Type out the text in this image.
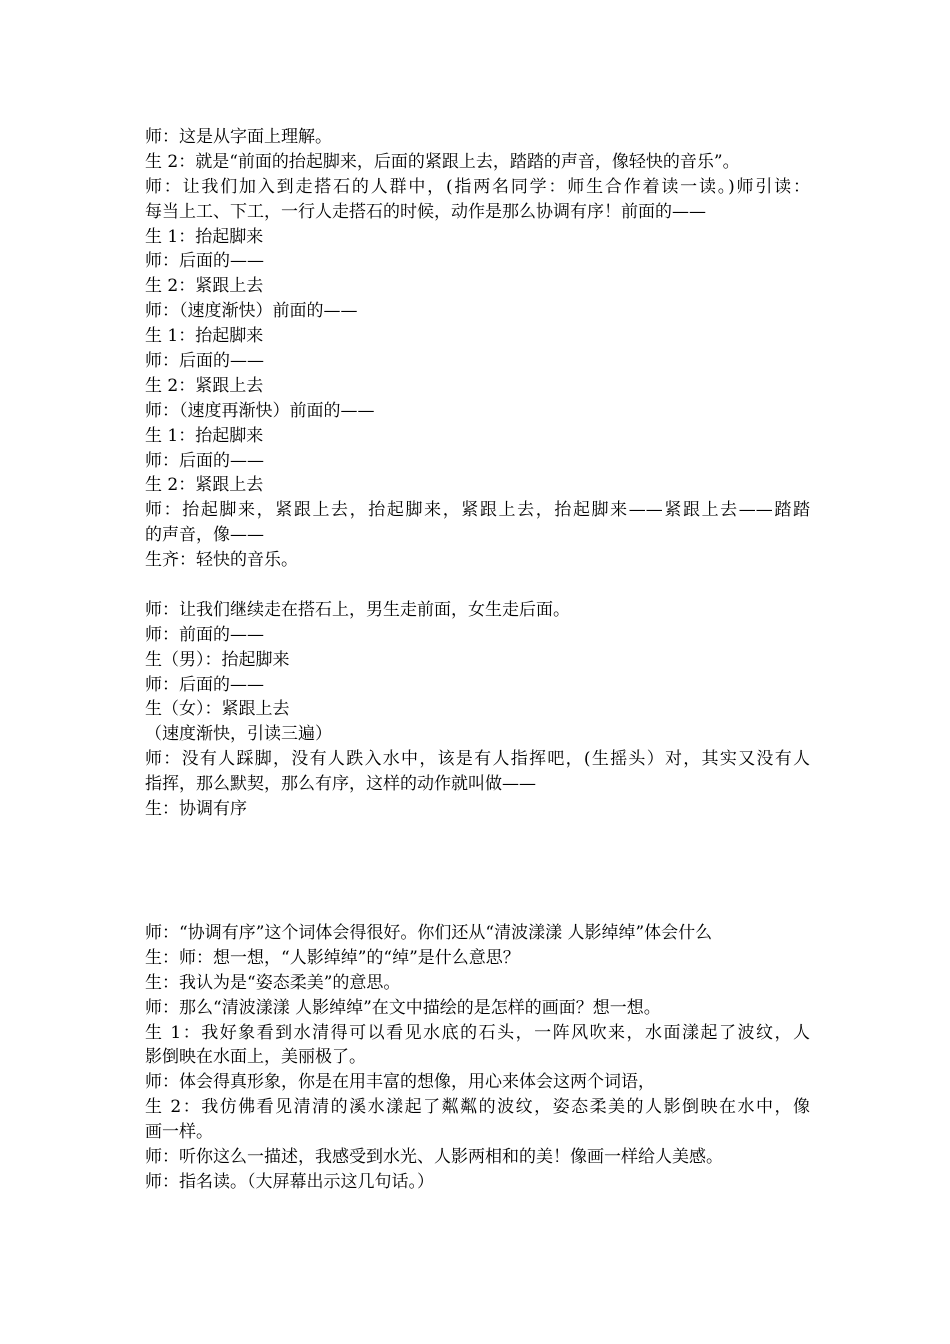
师：这是从字面上理解。
生 2：就是“前面的抬起脚来，后面的紧跟上去，踏踏的声音，像轻快的音乐”。
师：让我们加入到走搭石的人群中，(指两名同学：师生合作着读一读。)师引读：
每当上工、下工，一行人走搭石的时候，动作是那么协调有序！前面的——
生 1：抬起脚来
师：后面的——
生 2：紧跟上去
师：（速度渐快）前面的——
生 1：抬起脚来
师：后面的——
生 2：紧跟上去
师：（速度再渐快）前面的——
生 1：抬起脚来
师：后面的——
生 2：紧跟上去
师：抬起脚来，紧跟上去，抬起脚来，紧跟上去，抬起脚来——紧跟上去——踏踏
的声音，像——
生齐：轻快的音乐。
师：让我们继续走在搭石上，男生走前面，女生走后面。
师：前面的——
生（男）：抬起脚来
师：后面的——
生（女）：紧跟上去
（速度渐快，引读三遍）
师：没有人踩脚，没有人跌入水中，该是有人指挥吧，(生摇头）对，其实又没有人
指挥，那么默契，那么有序，这样的动作就叫做——
生：协调有序
师：“协调有序”这个词体会得很好。你们还从“清波漾漾 人影绰绰”体会什么
生：师：想一想，“人影绰绰”的“绰”是什么意思？
生：我认为是“姿态柔美”的意思。
师：那么“清波漾漾 人影绰绰”在文中描绘的是怎样的画面？想一想。
生 1：我好象看到水清得可以看见水底的石头，一阵风吹来，水面漾起了波纹，人
影倒映在水面上，美丽极了。
师：体会得真形象，你是在用丰富的想像，用心来体会这两个词语，
生 2：我仿佛看见清清的溪水漾起了粼粼的波纹，姿态柔美的人影倒映在水中，像
画一样。
师：听你这么一描述，我感受到水光、人影两相和的美！像画一样给人美感。
师：指名读。（大屏幕出示这几句话。）
